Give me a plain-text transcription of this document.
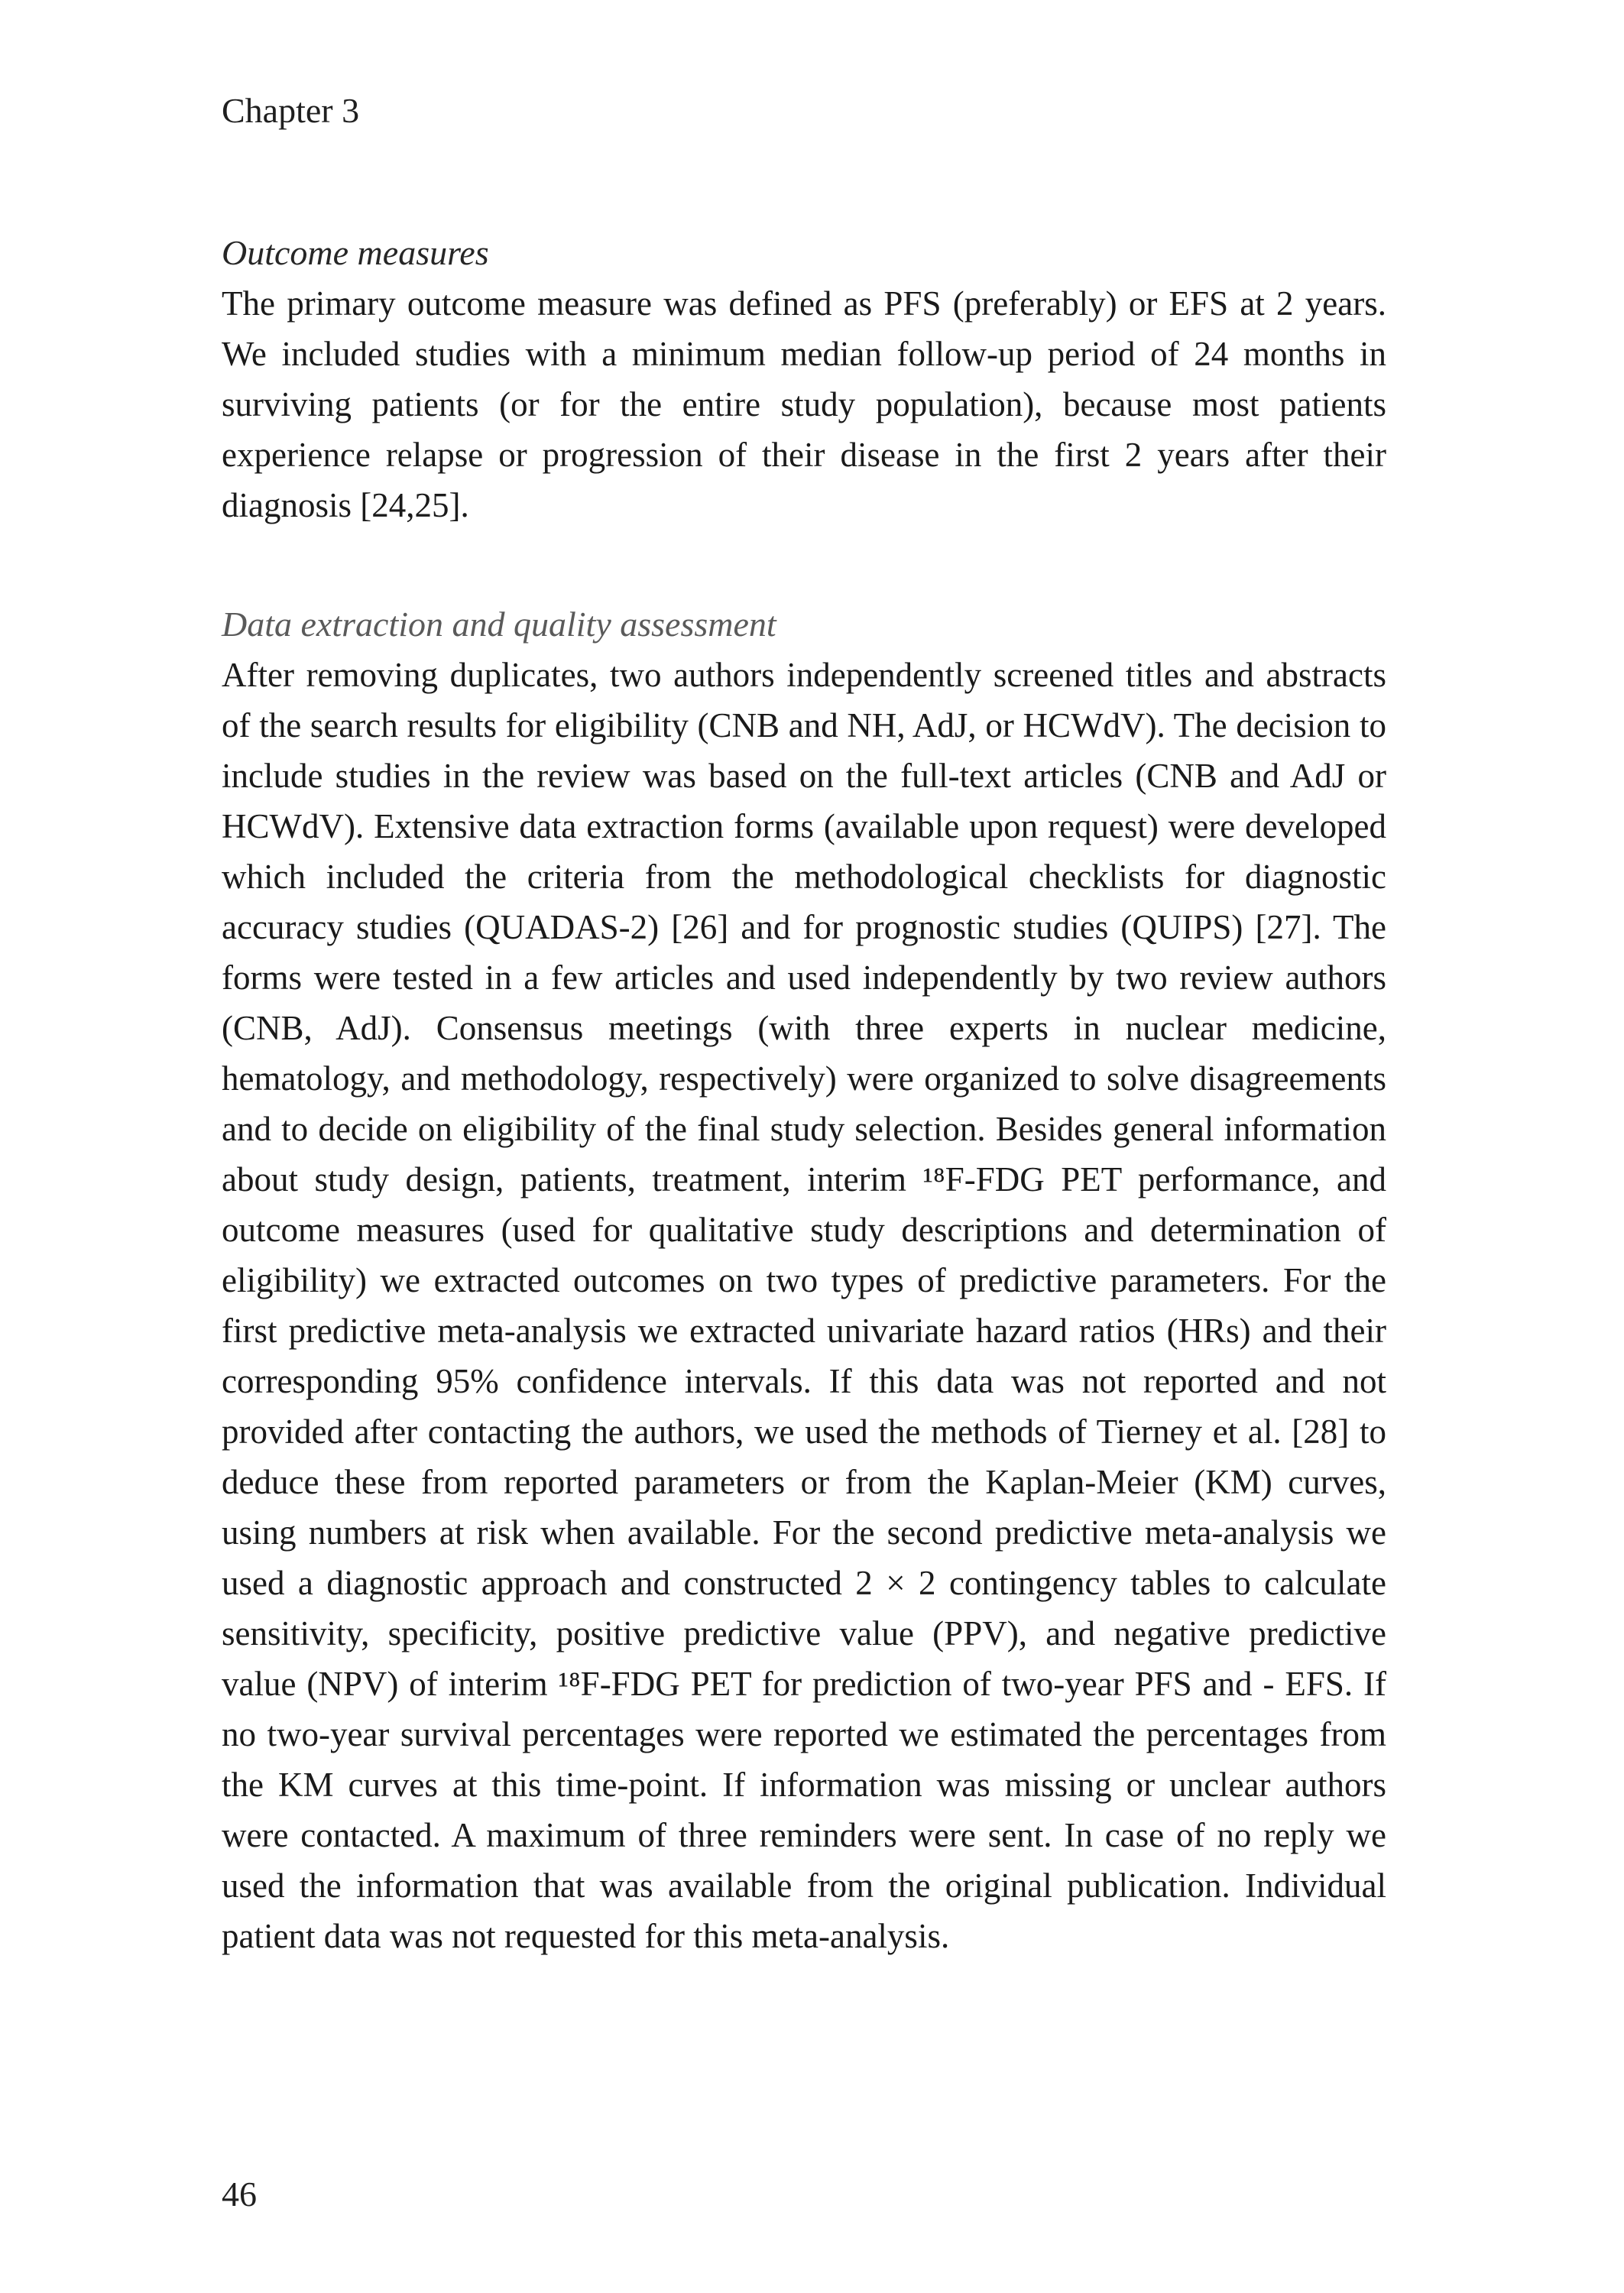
Chapter 3
Outcome measures

The primary outcome measure was defined as PFS (preferably) or EFS at 2 years. We included studies with a minimum median follow-up period of 24 months in surviving patients (or for the entire study population), because most patients experience relapse or progression of their disease in the first 2 years after their diagnosis [24,25].

Data extraction and quality assessment

After removing duplicates, two authors independently screened titles and abstracts of the search results for eligibility (CNB and NH, AdJ, or HCWdV). The decision to include studies in the review was based on the full-text articles (CNB and AdJ or HCWdV). Extensive data extraction forms (available upon request) were developed which included the criteria from the methodological checklists for diagnostic accuracy studies (QUADAS-2) [26] and for prognostic studies (QUIPS) [27]. The forms were tested in a few articles and used independently by two review authors (CNB, AdJ). Consensus meetings (with three experts in nuclear medicine, hematology, and methodology, respectively) were organized to solve disagreements and to decide on eligibility of the final study selection. Besides general information about study design, patients, treatment, interim ¹⁸F-FDG PET performance, and outcome measures (used for qualitative study descriptions and determination of eligibility) we extracted outcomes on two types of predictive parameters. For the first predictive meta-analysis we extracted univariate hazard ratios (HRs) and their corresponding 95% confidence intervals. If this data was not reported and not provided after contacting the authors, we used the methods of Tierney et al. [28] to deduce these from reported parameters or from the Kaplan-Meier (KM) curves, using numbers at risk when available. For the second predictive meta-analysis we used a diagnostic approach and constructed 2 × 2 contingency tables to calculate sensitivity, specificity, positive predictive value (PPV), and negative predictive value (NPV) of interim ¹⁸F-FDG PET for prediction of two-year PFS and - EFS. If no two-year survival percentages were reported we estimated the percentages from the KM curves at this time-point. If information was missing or unclear authors were contacted. A maximum of three reminders were sent. In case of no reply we used the information that was available from the original publication. Individual patient data was not requested for this meta-analysis.

46
